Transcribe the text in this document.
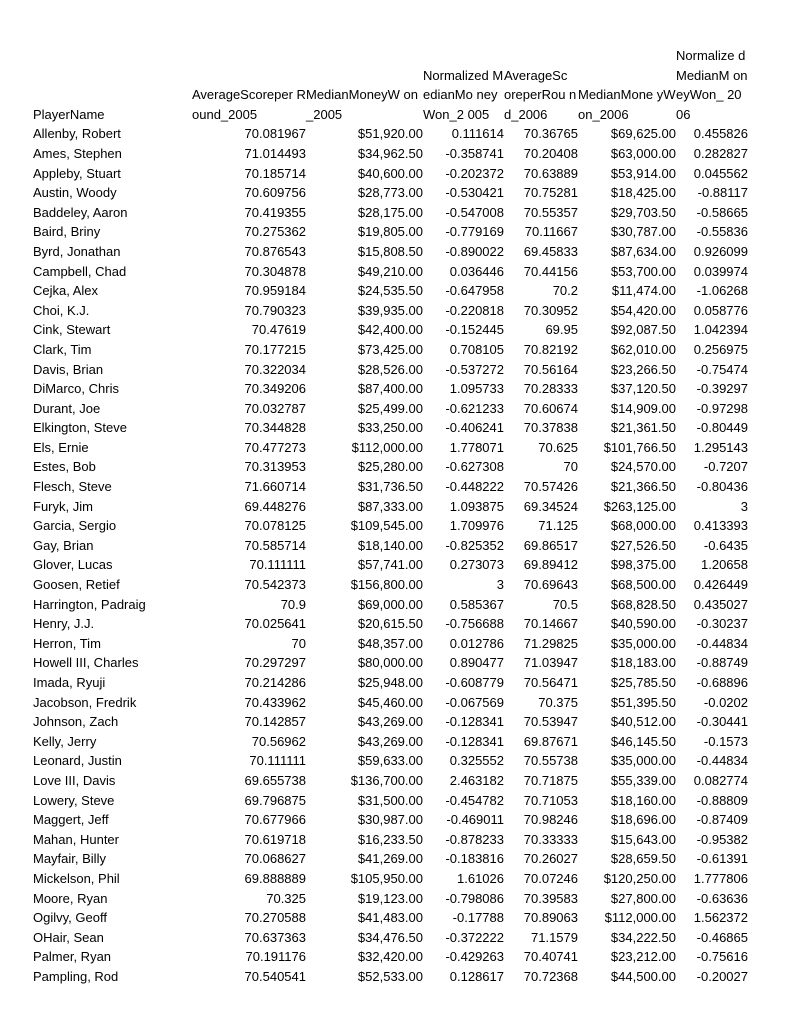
PlayerName	AverageScoreper Round_2005	MedianMoneyW on_2005	Normalized MedianMo neyWon_2 005	AverageSc oreperRou nd_2006	MedianMone yWon_2006	Normalize dMedianM oneyWon_ 2006
Allenby, Robert	70.081967	$51,920.00	0.111614	70.36765	$69,625.00	0.455826
Ames, Stephen	71.014493	$34,962.50	-0.358741	70.20408	$63,000.00	0.282827
Appleby, Stuart	70.185714	$40,600.00	-0.202372	70.63889	$53,914.00	0.045562
Austin, Woody	70.609756	$28,773.00	-0.530421	70.75281	$18,425.00	-0.88117
Baddeley, Aaron	70.419355	$28,175.00	-0.547008	70.55357	$29,703.50	-0.58665
Baird, Briny	70.275362	$19,805.00	-0.779169	70.11667	$30,787.00	-0.55836
Byrd, Jonathan	70.876543	$15,808.50	-0.890022	69.45833	$87,634.00	0.926099
Campbell, Chad	70.304878	$49,210.00	0.036446	70.44156	$53,700.00	0.039974
Cejka, Alex	70.959184	$24,535.50	-0.647958	70.2	$11,474.00	-1.06268
Choi, K.J.	70.790323	$39,935.00	-0.220818	70.30952	$54,420.00	0.058776
Cink, Stewart	70.47619	$42,400.00	-0.152445	69.95	$92,087.50	1.042394
Clark, Tim	70.177215	$73,425.00	0.708105	70.82192	$62,010.00	0.256975
Davis, Brian	70.322034	$28,526.00	-0.537272	70.56164	$23,266.50	-0.75474
DiMarco, Chris	70.349206	$87,400.00	1.095733	70.28333	$37,120.50	-0.39297
Durant, Joe	70.032787	$25,499.00	-0.621233	70.60674	$14,909.00	-0.97298
Elkington, Steve	70.344828	$33,250.00	-0.406241	70.37838	$21,361.50	-0.80449
Els, Ernie	70.477273	$112,000.00	1.778071	70.625	$101,766.50	1.295143
Estes, Bob	70.313953	$25,280.00	-0.627308	70	$24,570.00	-0.7207
Flesch, Steve	71.660714	$31,736.50	-0.448222	70.57426	$21,366.50	-0.80436
Furyk, Jim	69.448276	$87,333.00	1.093875	69.34524	$263,125.00	3
Garcia, Sergio	70.078125	$109,545.00	1.709976	71.125	$68,000.00	0.413393
Gay, Brian	70.585714	$18,140.00	-0.825352	69.86517	$27,526.50	-0.6435
Glover, Lucas	70.111111	$57,741.00	0.273073	69.89412	$98,375.00	1.20658
Goosen, Retief	70.542373	$156,800.00	3	70.69643	$68,500.00	0.426449
Harrington, Padraig	70.9	$69,000.00	0.585367	70.5	$68,828.50	0.435027
Henry, J.J.	70.025641	$20,615.50	-0.756688	70.14667	$40,590.00	-0.30237
Herron, Tim	70	$48,357.00	0.012786	71.29825	$35,000.00	-0.44834
Howell III, Charles	70.297297	$80,000.00	0.890477	71.03947	$18,183.00	-0.88749
Imada, Ryuji	70.214286	$25,948.00	-0.608779	70.56471	$25,785.50	-0.68896
Jacobson, Fredrik	70.433962	$45,460.00	-0.067569	70.375	$51,395.50	-0.0202
Johnson, Zach	70.142857	$43,269.00	-0.128341	70.53947	$40,512.00	-0.30441
Kelly, Jerry	70.56962	$43,269.00	-0.128341	69.87671	$46,145.50	-0.1573
Leonard, Justin	70.111111	$59,633.00	0.325552	70.55738	$35,000.00	-0.44834
Love III, Davis	69.655738	$136,700.00	2.463182	70.71875	$55,339.00	0.082774
Lowery, Steve	69.796875	$31,500.00	-0.454782	70.71053	$18,160.00	-0.88809
Maggert, Jeff	70.677966	$30,987.00	-0.469011	70.98246	$18,696.00	-0.87409
Mahan, Hunter	70.619718	$16,233.50	-0.878233	70.33333	$15,643.00	-0.95382
Mayfair, Billy	70.068627	$41,269.00	-0.183816	70.26027	$28,659.50	-0.61391
Mickelson, Phil	69.888889	$105,950.00	1.61026	70.07246	$120,250.00	1.777806
Moore, Ryan	70.325	$19,123.00	-0.798086	70.39583	$27,800.00	-0.63636
Ogilvy, Geoff	70.270588	$41,483.00	-0.17788	70.89063	$112,000.00	1.562372
OHair, Sean	70.637363	$34,476.50	-0.372222	71.1579	$34,222.50	-0.46865
Palmer, Ryan	70.191176	$32,420.00	-0.429263	70.40741	$23,212.00	-0.75616
Pampling, Rod	70.540541	$52,533.00	0.128617	70.72368	$44,500.00	-0.20027
